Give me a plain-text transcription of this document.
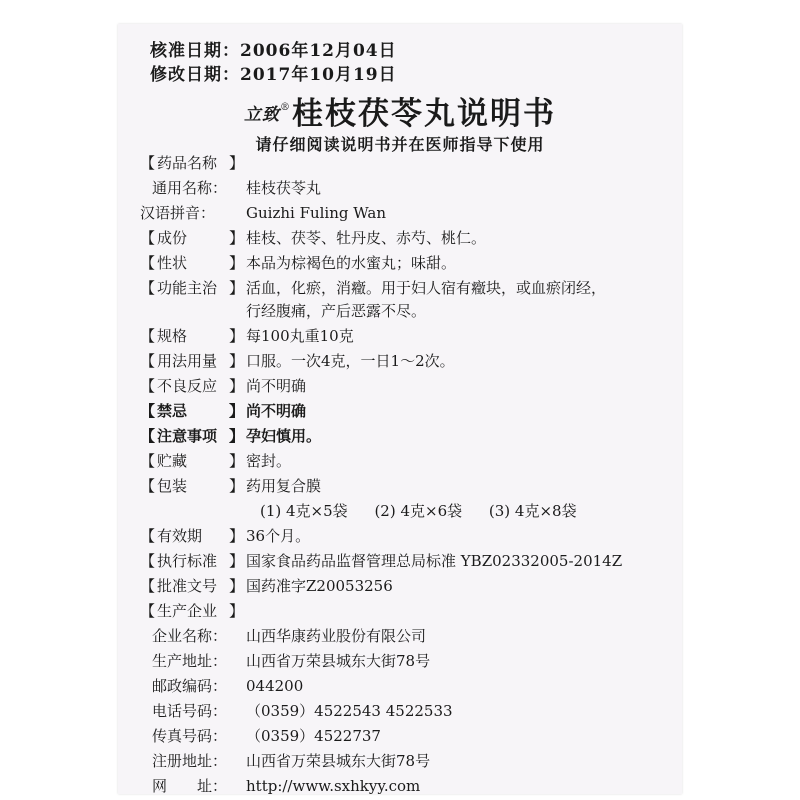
核准日期：2006年12月04日
修改日期：2017年10月19日
立致®桂枝茯苓丸说明书
请仔细阅读说明书并在医师指导下使用
【 药品名称 】
通用名称：	桂枝茯苓丸
汉语拼音：	Guizhi Fuling Wan
【 成份	】 桂枝、茯苓、牡丹皮、赤芍、桃仁。
【 性状	】 本品为棕褐色的水蜜丸；味甜。
【 功能主治 】 活血，化瘀，消癥。用于妇人宿有癥块，或血瘀闭经，
行经腹痛，产后恶露不尽。
【 规格	】 每100丸重10克
【 用法用量 】 口服。一次4克，一日1～2次。
【 不良反应 】 尚不明确
【 禁忌	】 尚不明确
【 注意事项 】 孕妇慎用。
【 贮藏	】 密封。
【 包装	】 药用复合膜
(1) 4克×5袋 (2) 4克×6袋 (3) 4克×8袋
【 有效期	】 36个月。
【 执行标准 】 国家食品药品监督管理总局标准 YBZ02332005-2014Z
【 批准文号 】 国药准字Z20053256
【 生产企业 】
企业名称：	山西华康药业股份有限公司
生产地址：	山西省万荣县城东大街78号
邮政编码：	044200
电话号码：	（0359）4522543 4522533
传真号码：	（0359）4522737
注册地址：	山西省万荣县城东大街78号
网　　址：	http://www.sxhkyy.com
